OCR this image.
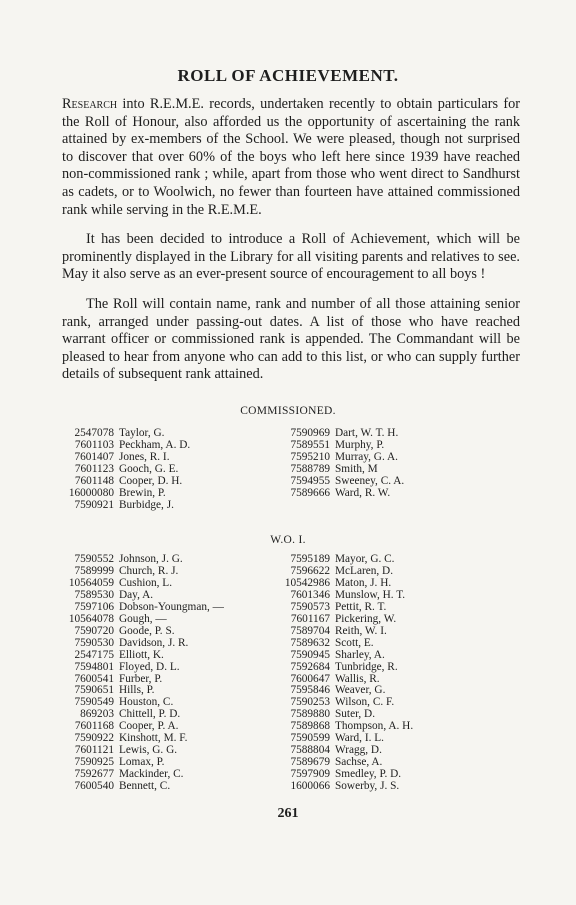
ROLL OF ACHIEVEMENT.

Research into R.E.M.E. records, undertaken recently to obtain particulars for the Roll of Honour, also afforded us the opportunity of ascertaining the rank attained by ex-members of the School. We were pleased, though not surprised to discover that over 60% of the boys who left here since 1939 have reached non-commissioned rank ; while, apart from those who went direct to Sandhurst as cadets, or to Woolwich, no fewer than fourteen have attained commissioned rank while serving in the R.E.M.E.

It has been decided to introduce a Roll of Achievement, which will be prominently displayed in the Library for all visiting parents and relatives to see. May it also serve as an ever-present source of encouragement to all boys !

The Roll will contain name, rank and number of all those attaining senior rank, arranged under passing-out dates. A list of those who have reached warrant officer or commissioned rank is appended. The Commandant will be pleased to hear from anyone who can add to this list, or who can supply further details of subsequent rank attained.

COMMISSIONED.
2547078 Taylor, G.
7601103 Peckham, A. D.
7601407 Jones, R. I.
7601123 Gooch, G. E.
7601148 Cooper, D. H.
16000080 Brewin, P.
7590921 Burbidge, J.
7590969 Dart, W. T. H.
7589551 Murphy, P.
7595210 Murray, G. A.
7588789 Smith, M
7594955 Sweeney, C. A.
7589666 Ward, R. W.
W.O. I.
7590552 Johnson, J. G.
7589999 Church, R. J.
10564059 Cushion, L.
7589530 Day, A.
7597106 Dobson-Youngman, —
10564078 Gough, —
7590720 Goode, P. S.
7590530 Davidson, J. R.
2547175 Elliott, K.
7594801 Floyed, D. L.
7600541 Furber, P.
7590651 Hills, P.
7590549 Houston, C.
869203 Chittell, P. D.
7601168 Cooper, P. A.
7590922 Kinshott, M. F.
7601121 Lewis, G. G.
7590925 Lomax, P.
7592677 Mackinder, C.
7600540 Bennett, C.
7595189 Mayor, G. C.
7596622 McLaren, D.
10542986 Maton, J. H.
7601346 Munslow, H. T.
7590573 Pettit, R. T.
7601167 Pickering, W.
7589704 Reith, W. I.
7589632 Scott, E.
7590945 Sharley, A.
7592684 Tunbridge, R.
7600647 Wallis, R.
7595846 Weaver, G.
7590253 Wilson, C. F.
7589880 Suter, D.
7589868 Thompson, A. H.
7590599 Ward, I. L.
7588804 Wragg, D.
7589679 Sachse, A.
7597909 Smedley, P. D.
1600066 Sowerby, J. S.
261
